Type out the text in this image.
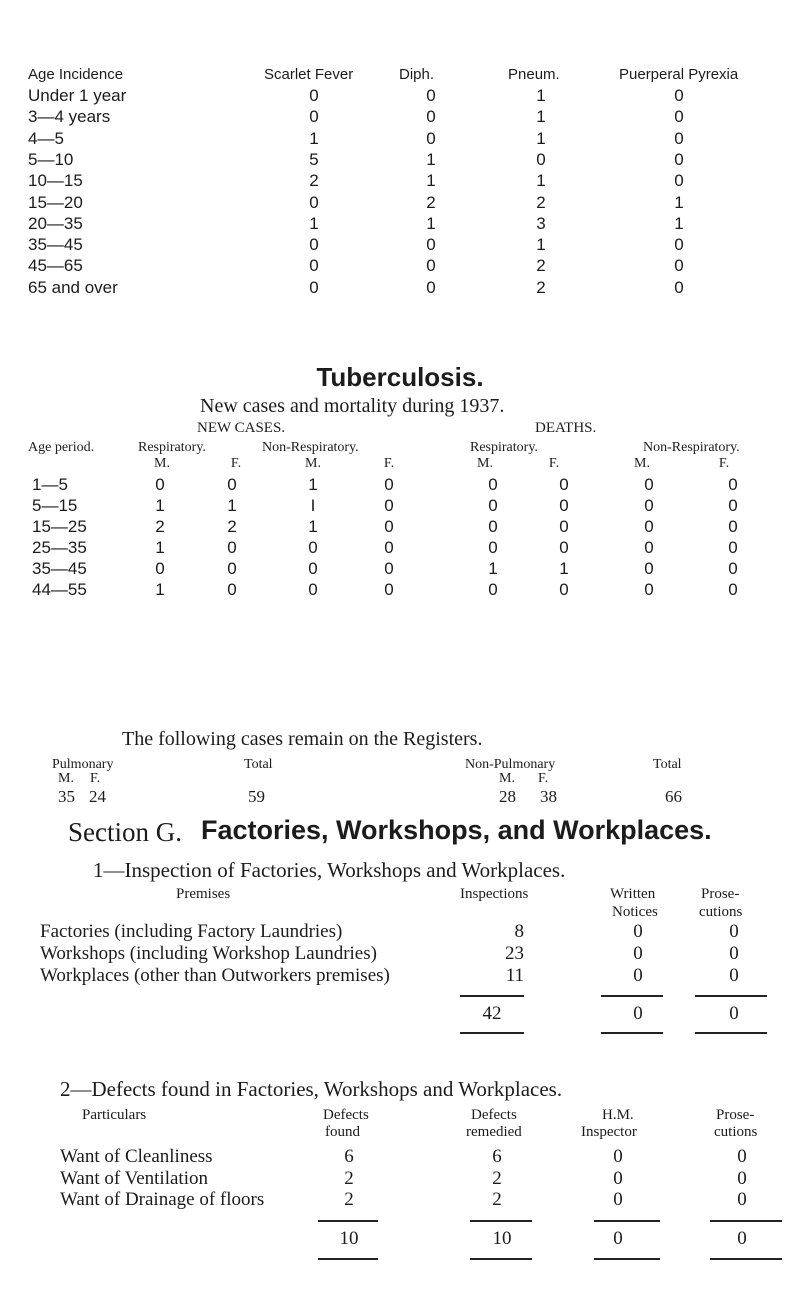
Age Incidence	Scarlet Fever	Diph.	Pneum.	Puerperal Pyrexia
Under 1 year	0	0	1	0
3—4 years	0	0	1	0
4—5	1	0	1	0
5—10	5	1	0	0
10—15	2	1	1	0
15—20	0	2	2	1
20—35	1	1	3	1
35—45	0	0	1	0
45—65	0	0	2	0
65 and over	0	0	2	0
Tuberculosis.
New cases and mortality during 1937.
NEW CASES.	DEATHS.
Age period.	Respiratory.	Non-Respiratory.	Respiratory.	Non-Respiratory.
M.	F.	M.	F.	M.	F.	M.	F.
1—5	0	0	1	0	0	0	0	0
5—15	1	1	I	0	0	0	0	0
15—25	2	2	1	0	0	0	0	0
25—35	1	0	0	0	0	0	0	0
35—45	0	0	0	0	1	1	0	0
44—55	1	0	0	0	0	0	0	0
The following cases remain on the Registers.
Pulmonary	Total	Non-Pulmonary	Total
M. F.	M. F.
35 24	59	28 38	66
Section G. Factories, Workshops, and Workplaces.
1—Inspection of Factories, Workshops and Workplaces.
Premises	Inspections	Written
Notices
Prose-
cutions
Factories (including Factory Laundries)	8	0	0
Workshops (including Workshop Laundries)	23	0	0
Workplaces (other than Outworkers premises)	11	0	0
42	0	0
2—Defects found in Factories, Workshops and Workplaces.
Particulars	Defects
found
Defects
remedied
H.M.
Inspector
Prose-
cutions
Want of Cleanliness	6	6	0	0
Want of Ventilation	2	2	0	0
Want of Drainage of floors	2	2	0	0
10	10	0	0
